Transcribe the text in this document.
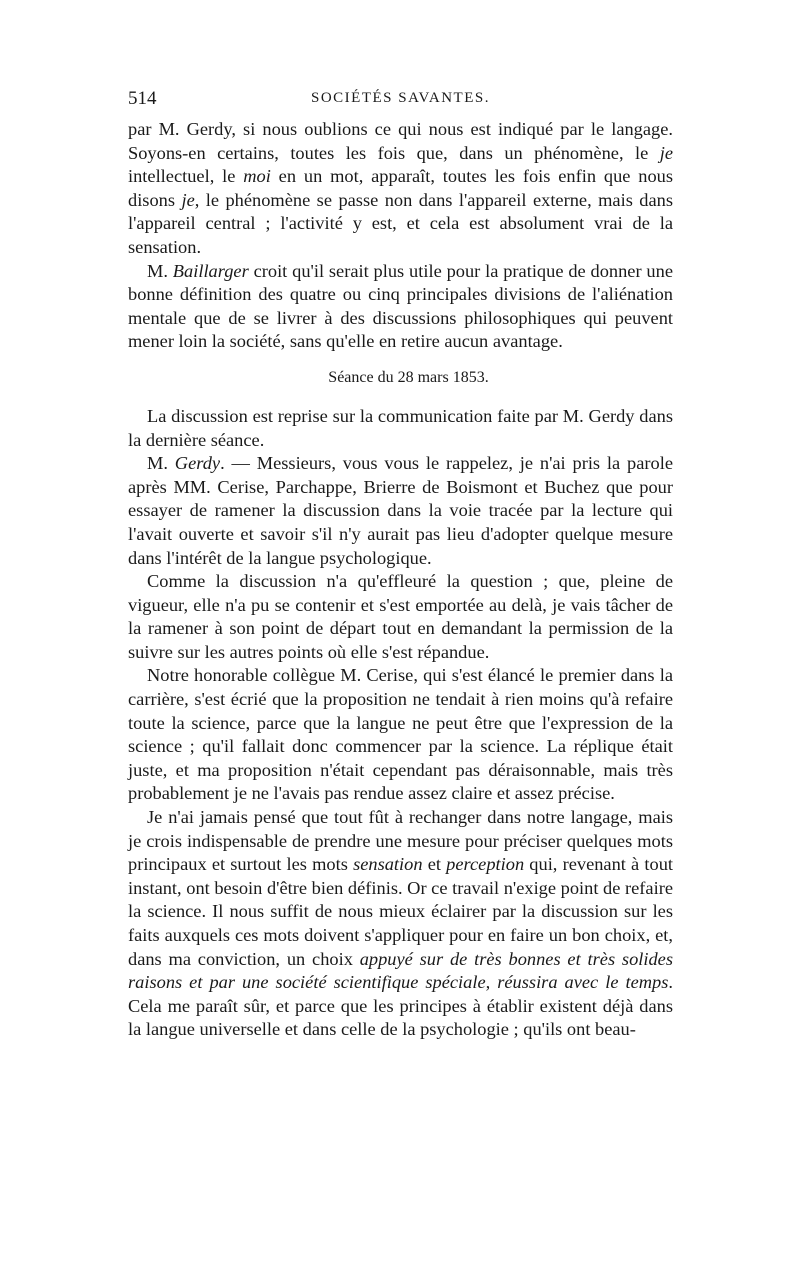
514	SOCIÉTÉS SAVANTES.

par M. Gerdy, si nous oublions ce qui nous est indiqué par le langage. Soyons-en certains, toutes les fois que, dans un phénomène, le je intellectuel, le moi en un mot, apparaît, toutes les fois enfin que nous disons je, le phénomène se passe non dans l'appareil externe, mais dans l'appareil central ; l'activité y est, et cela est absolument vrai de la sensation.

M. Baillarger croit qu'il serait plus utile pour la pratique de donner une bonne définition des quatre ou cinq principales divisions de l'aliénation mentale que de se livrer à des discussions philosophiques qui peuvent mener loin la société, sans qu'elle en retire aucun avantage.

Séance du 28 mars 1853.

La discussion est reprise sur la communication faite par M. Gerdy dans la dernière séance.

M. Gerdy. — Messieurs, vous vous le rappelez, je n'ai pris la parole après MM. Cerise, Parchappe, Brierre de Boismont et Buchez que pour essayer de ramener la discussion dans la voie tracée par la lecture qui l'avait ouverte et savoir s'il n'y aurait pas lieu d'adopter quelque mesure dans l'intérêt de la langue psychologique.

Comme la discussion n'a qu'effleuré la question ; que, pleine de vigueur, elle n'a pu se contenir et s'est emportée au delà, je vais tâcher de la ramener à son point de départ tout en demandant la permission de la suivre sur les autres points où elle s'est répandue.

Notre honorable collègue M. Cerise, qui s'est élancé le premier dans la carrière, s'est écrié que la proposition ne tendait à rien moins qu'à refaire toute la science, parce que la langue ne peut être que l'expression de la science ; qu'il fallait donc commencer par la science. La réplique était juste, et ma proposition n'était cependant pas déraisonnable, mais très probablement je ne l'avais pas rendue assez claire et assez précise.

Je n'ai jamais pensé que tout fût à rechanger dans notre langage, mais je crois indispensable de prendre une mesure pour préciser quelques mots principaux et surtout les mots sensation et perception qui, revenant à tout instant, ont besoin d'être bien définis. Or ce travail n'exige point de refaire la science. Il nous suffit de nous mieux éclairer par la discussion sur les faits auxquels ces mots doivent s'appliquer pour en faire un bon choix, et, dans ma conviction, un choix appuyé sur de très bonnes et très solides raisons et par une société scientifique spéciale, réussira avec le temps. Cela me paraît sûr, et parce que les principes à établir existent déjà dans la langue universelle et dans celle de la psychologie ; qu'ils ont beau-
